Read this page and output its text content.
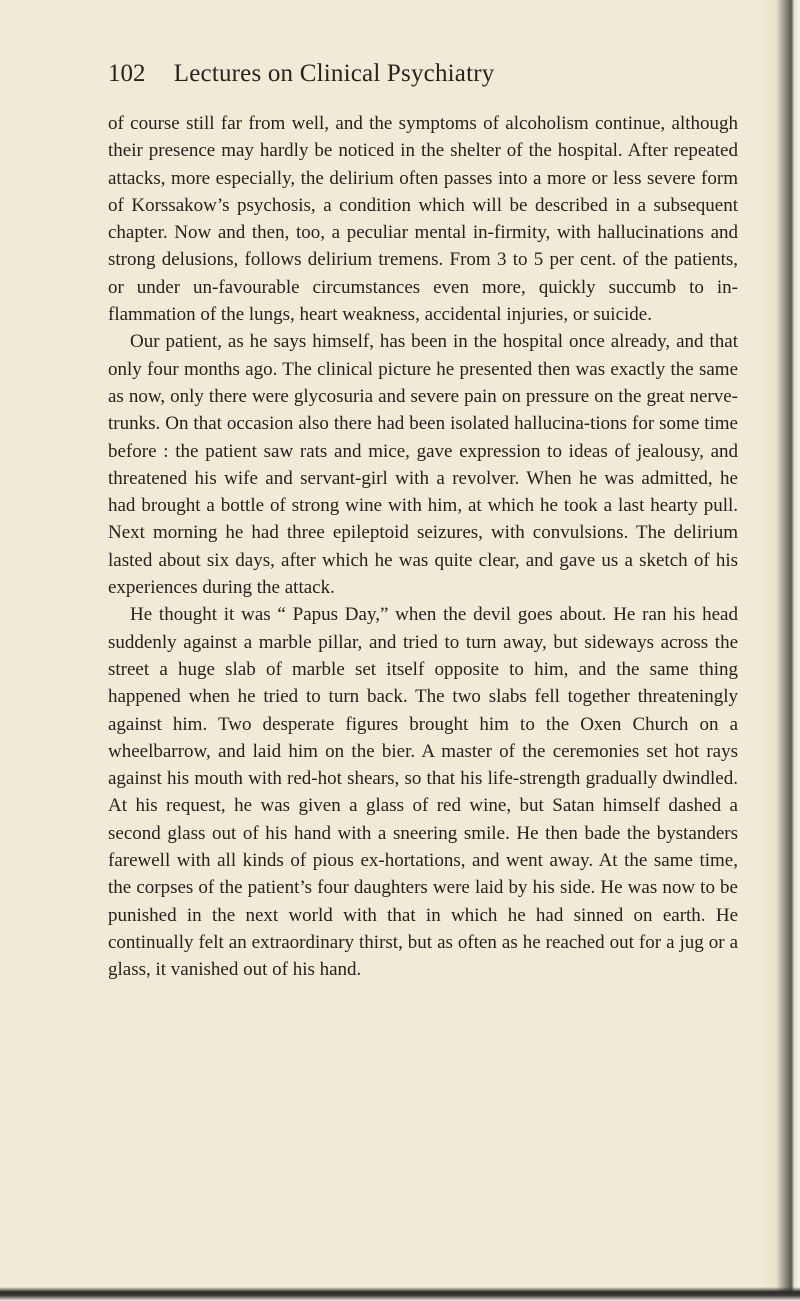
102 Lectures on Clinical Psychiatry

of course still far from well, and the symptoms of alcoholism continue, although their presence may hardly be noticed in the shelter of the hospital. After repeated attacks, more especially, the delirium often passes into a more or less severe form of Korssakow’s psychosis, a condition which will be described in a subsequent chapter. Now and then, too, a peculiar mental in-firmity, with hallucinations and strong delusions, follows delirium tremens. From 3 to 5 per cent. of the patients, or under un-favourable circumstances even more, quickly succumb to in-flammation of the lungs, heart weakness, accidental injuries, or suicide.

Our patient, as he says himself, has been in the hospital once already, and that only four months ago. The clinical picture he presented then was exactly the same as now, only there were glycosuria and severe pain on pressure on the great nerve-trunks. On that occasion also there had been isolated hallucina-tions for some time before : the patient saw rats and mice, gave expression to ideas of jealousy, and threatened his wife and servant-girl with a revolver. When he was admitted, he had brought a bottle of strong wine with him, at which he took a last hearty pull. Next morning he had three epileptoid seizures, with convulsions. The delirium lasted about six days, after which he was quite clear, and gave us a sketch of his experiences during the attack.

He thought it was “ Papus Day,” when the devil goes about. He ran his head suddenly against a marble pillar, and tried to turn away, but sideways across the street a huge slab of marble set itself opposite to him, and the same thing happened when he tried to turn back. The two slabs fell together threateningly against him. Two desperate figures brought him to the Oxen Church on a wheelbarrow, and laid him on the bier. A master of the ceremonies set hot rays against his mouth with red-hot shears, so that his life-strength gradually dwindled. At his request, he was given a glass of red wine, but Satan himself dashed a second glass out of his hand with a sneering smile. He then bade the bystanders farewell with all kinds of pious ex-hortations, and went away. At the same time, the corpses of the patient’s four daughters were laid by his side. He was now to be punished in the next world with that in which he had sinned on earth. He continually felt an extraordinary thirst, but as often as he reached out for a jug or a glass, it vanished out of his hand.
